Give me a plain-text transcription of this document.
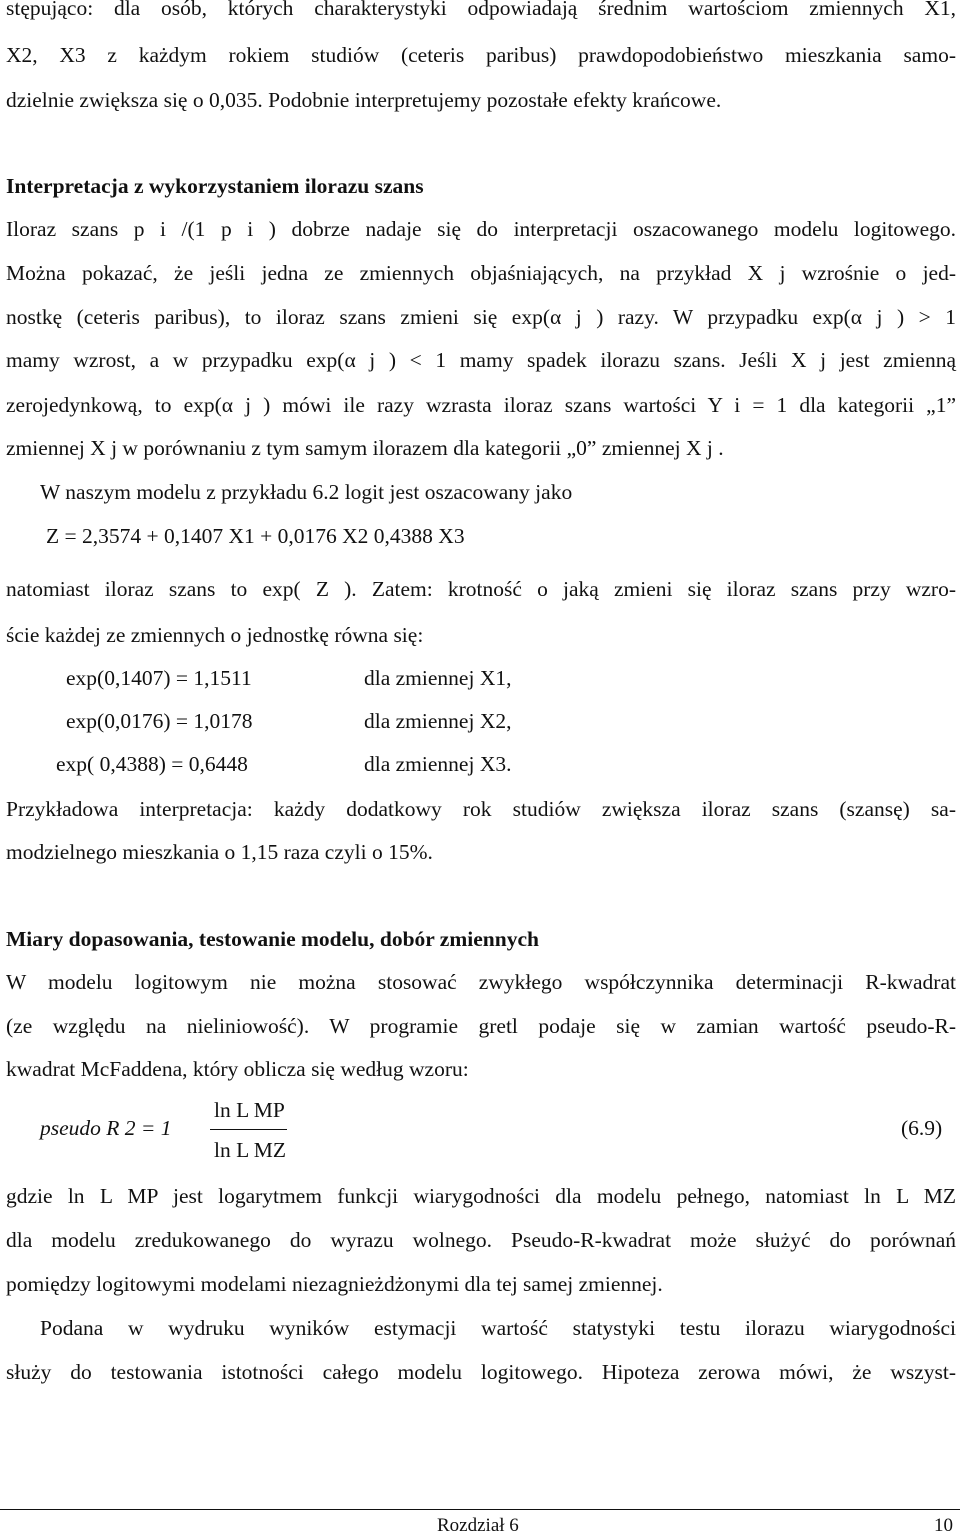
stępująco: dla osób, których charakterystyki odpowiadają średnim wartościom zmiennych X1,
X2, X3 z każdym rokiem studiów (ceteris paribus) prawdopodobieństwo mieszkania samo-
dzielnie zwiększa się o 0,035. Podobnie interpretujemy pozostałe efekty krańcowe.
Interpretacja z wykorzystaniem ilorazu szans
Iloraz szans p i /(1 p i ) dobrze nadaje się do interpretacji oszacowanego modelu logitowego.
Można pokazać, że jeśli jedna ze zmiennych objaśniających, na przykład X j wzrośnie o jed-
nostkę (ceteris paribus), to iloraz szans zmieni się exp(α j ) razy. W przypadku exp(α j ) > 1
mamy wzrost, a w przypadku exp(α j ) < 1 mamy spadek ilorazu szans. Jeśli X j jest zmienną
zerojedynkową, to exp(α j ) mówi ile razy wzrasta iloraz szans wartości Y i = 1 dla kategorii „1”
zmiennej X j w porównaniu z tym samym ilorazem dla kategorii „0” zmiennej X j .
W naszym modelu z przykładu 6.2 logit jest oszacowany jako
Z = 2,3574 + 0,1407 X1 + 0,0176 X2 0,4388 X3
natomiast iloraz szans to exp( Z ). Zatem: krotność o jaką zmieni się iloraz szans przy wzro-
ście każdej ze zmiennych o jednostkę równa się:
exp(0,1407) = 1,1511	dla zmiennej X1,
exp(0,0176) = 1,0178	dla zmiennej X2,
exp( 0,4388) = 0,6448	dla zmiennej X3.
Przykładowa interpretacja: każdy dodatkowy rok studiów zwiększa iloraz szans (szansę) sa-
modzielnego mieszkania o 1,15 raza czyli o 15%.
Miary dopasowania, testowanie modelu, dobór zmiennych
W modelu logitowym nie można stosować zwykłego współczynnika determinacji R-kwadrat
(ze względu na nieliniowość). W programie gretl podaje się w zamian wartość pseudo-R-
kwadrat McFaddena, który oblicza się według wzoru:
pseudo R 2 = 1
ln L MP
ln L MZ
(6.9)
gdzie ln L MP jest logarytmem funkcji wiarygodności dla modelu pełnego, natomiast ln L MZ
dla modelu zredukowanego do wyrazu wolnego. Pseudo-R-kwadrat może służyć do porównań
pomiędzy logitowymi modelami niezagnieżdżonymi dla tej samej zmiennej.
Podana w wydruku wyników estymacji wartość statystyki testu ilorazu wiarygodności
służy do testowania istotności całego modelu logitowego. Hipoteza zerowa mówi, że wszyst-
Rozdział 6	10
